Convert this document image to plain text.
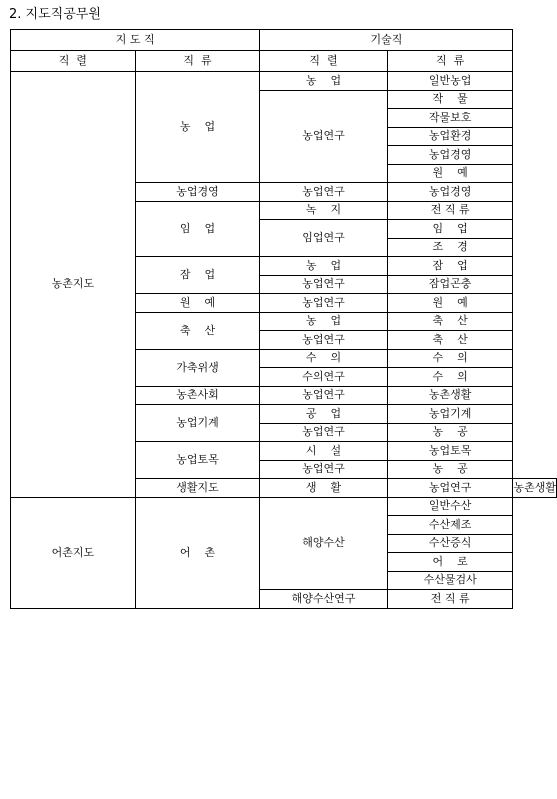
2. 지도직공무원
지 도 직		기술직		
직  렬	직  류	직  렬	직  류	
농촌지도	농    업	농    업	일반농업	
		농업연구	작    물	
			작물보호	
			농업환경	
			농업경영	
			원    예	
	농업경영	농업연구	농업경영	
	임    업	녹    지	전 직 류	
		임업연구	임    업	
			조    경	
	잠    업	농    업	잠    업	
		농업연구	잠업곤충	
	원    예	농업연구	원    예	
	축    산	농    업	축    산	
		농업연구	축    산	
	가축위생	수    의	수    의	
		수의연구	수    의	
	농촌사회	농업연구	농촌생활	
	농업기계	공    업	농업기계	
		농업연구	농    공	
	농업토목	시    설	농업토목	
		농업연구	농    공	
	생활지도	생    활	농업연구	농촌생활
어촌지도	어    촌	해양수산	일반수산	
			수산제조	
			수산증식	
			어    로	
			수산물검사	
		해양수산연구	전 직 류	
